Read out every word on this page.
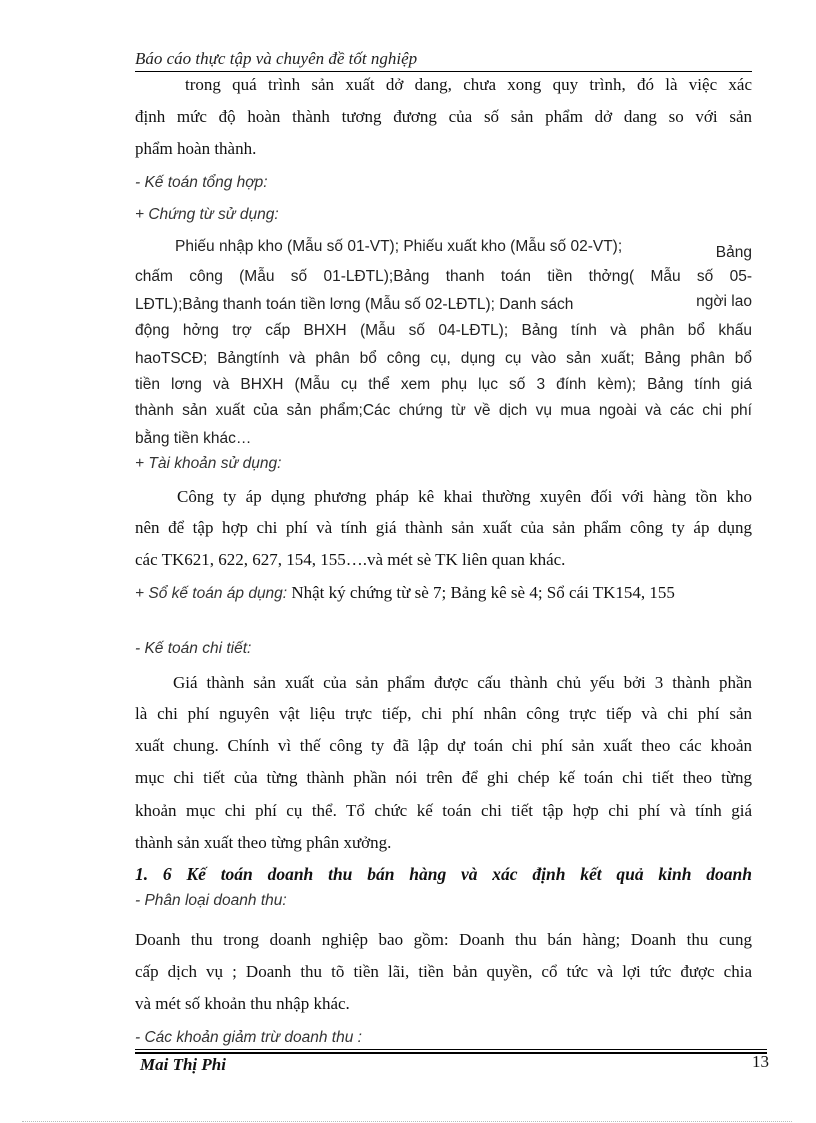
Báo cáo thực tập và chuyên đề tốt nghiệp
trong quá trình sản xuất dở dang, chưa xong quy trình, đó là việc xác
định mức độ hoàn thành tương đương của số sản phẩm dở dang so với sản
phẩm hoàn thành.
- Kế toán tổng hợp:
+ Chứng từ sử dụng:
Phiếu nhập kho (Mẫu số 01-VT); Phiếu xuất kho (Mẫu số 02-VT);	Bảng
chấm công (Mẫu số 01-LĐTL);Bảng thanh toán tiền thởng( Mẫu số 05-
LĐTL);Bảng thanh toán tiền lơng (Mẫu số 02-LĐTL); Danh sách	ngời lao
động hởng trợ cấp BHXH (Mẫu số 04-LĐTL); Bảng tính và phân bổ khấu
haoTSCĐ; Bảngtính và phân bổ công cụ, dụng cụ vào sản xuất; Bảng phân bổ
tiền lơng và BHXH (Mẫu cụ thể xem phụ lục số 3 đính kèm); Bảng tính giá
thành sản xuất của sản phẩm;Các chứng từ về dịch vụ mua ngoài và các chi phí
bằng tiền khác…
+ Tài khoản sử dụng:
Công ty áp dụng phương pháp kê khai thường xuyên đối với hàng tồn kho
nên để tập hợp chi phí và tính giá thành sản xuất của sản phẩm công ty áp dụng
các TK621, 622, 627, 154, 155….và mét sè TK liên quan khác.
+ Sổ kế toán áp dụng: Nhật ký chứng từ sè 7; Bảng kê sè 4; Sổ cái TK154, 155
- Kế toán chi tiết:
Giá thành sản xuất của sản phẩm được cấu thành chủ yếu bởi 3 thành phần
là chi phí nguyên vật liệu trực tiếp, chi phí nhân công trực tiếp và chi phí sản
xuất chung. Chính vì thế công ty đã lập dự toán chi phí sản xuất theo các khoản
mục chi tiết của từng thành phần nói trên để ghi chép kế toán chi tiết theo từng
khoản mục chi phí cụ thể. Tổ chức kế toán chi tiết tập hợp chi phí và tính giá
thành sản xuất theo từng phân xưởng.
1. 6 Kế toán doanh thu bán hàng và xác định kết quả kinh doanh
- Phân loại doanh thu:
Doanh thu trong doanh nghiệp bao gồm: Doanh thu bán hàng; Doanh thu cung
cấp dịch vụ ; Doanh thu tõ tiền lãi, tiền bản quyền, cổ tức và lợi tức được chia
và mét số khoản thu nhập khác.
- Các khoản giảm trừ doanh thu :
Mai Thị Phi	13
